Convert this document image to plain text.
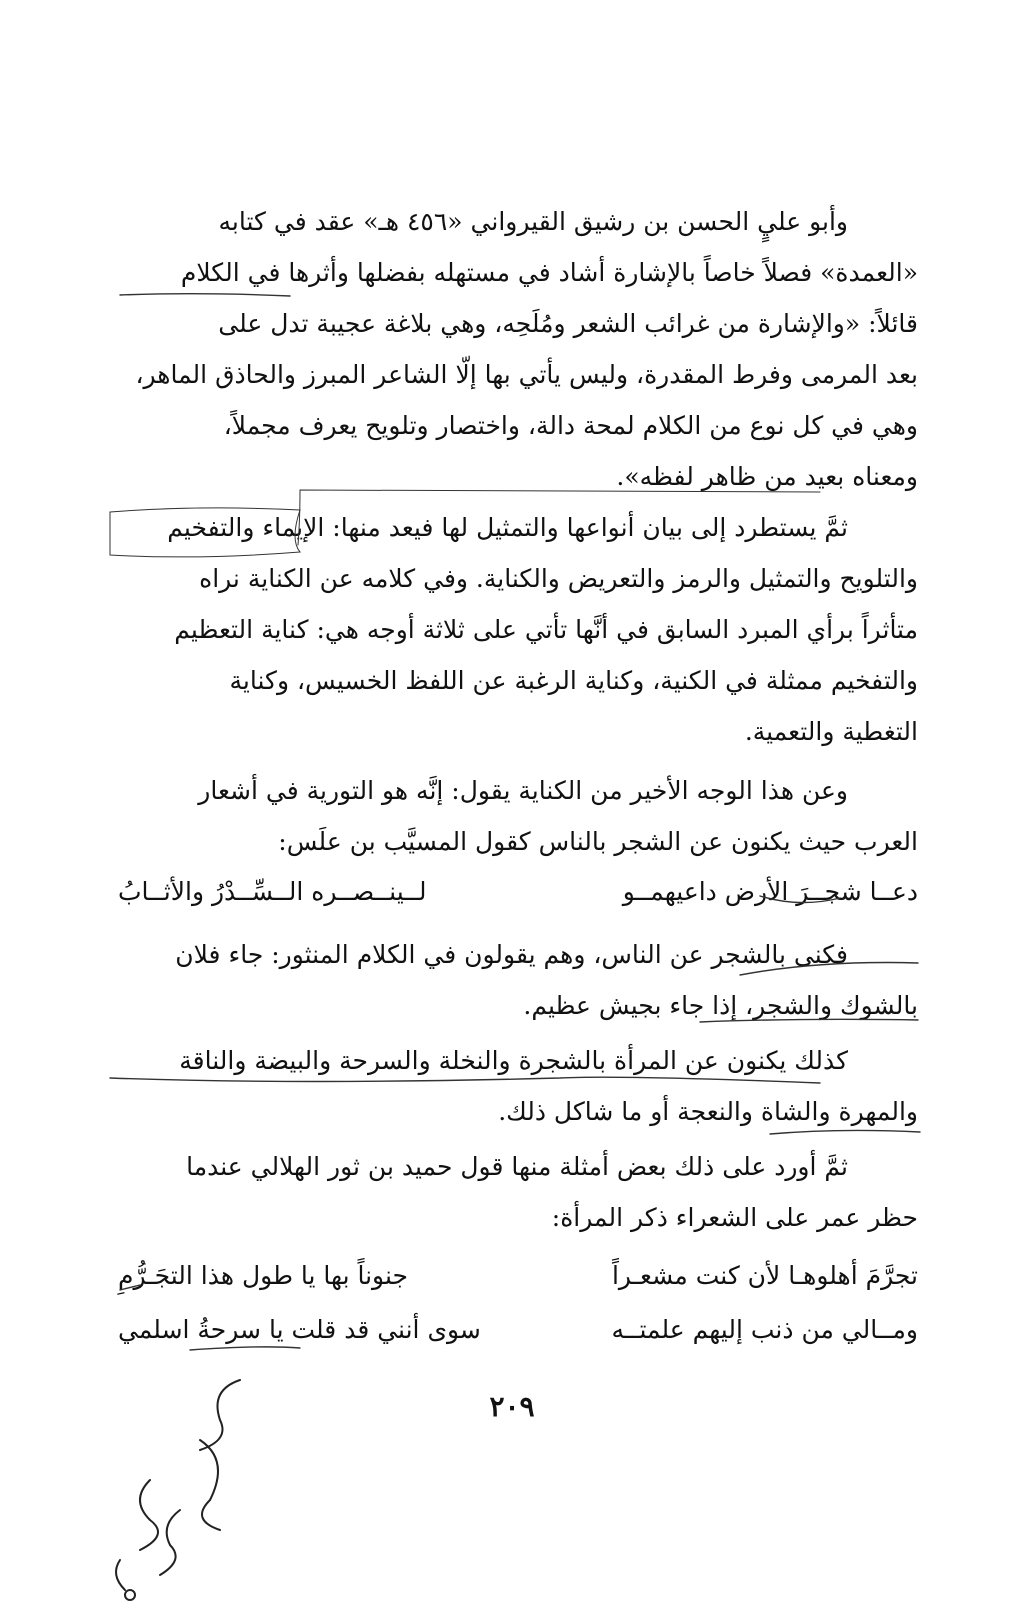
وأبو عليٍ الحسن بن رشيق القيرواني «٤٥٦ هـ» عقد في كتابه
«العمدة» فصلاً خاصاً بالإشارة أشاد في مستهله بفضلها وأثرها في الكلام
قائلاً: «والإشارة من غرائب الشعر ومُلَحِه، وهي بلاغة عجيبة تدل على
بعد المرمى وفرط المقدرة، وليس يأتي بها إلّا الشاعر المبرز والحاذق الماهر،
وهي في كل نوع من الكلام لمحة دالة، واختصار وتلويح يعرف مجملاً،
ومعناه بعيد من ظاهر لفظه».
ثمَّ يستطرد إلى بيان أنواعها والتمثيل لها فيعد منها: الإيماء والتفخيم
والتلويح والتمثيل والرمز والتعريض والكناية. وفي كلامه عن الكناية نراه
متأثراً برأي المبرد السابق في أنَّها تأتي على ثلاثة أوجه هي: كناية التعظيم
والتفخيم ممثلة في الكنية، وكناية الرغبة عن اللفظ الخسيس، وكناية
التغطية والتعمية.
وعن هذا الوجه الأخير من الكناية يقول: إنَّه هو التورية في أشعار
العرب حيث يكنون عن الشجر بالناس كقول المسيَّب بن علَس:
دعــا شجــرَ الأرض داعيهمــو
لــينــصــره الــسِّــدْرُ والأثــابُ
فكنى بالشجر عن الناس، وهم يقولون في الكلام المنثور: جاء فلان
بالشوك والشجر، إذا جاء بجيش عظيم.
كذلك يكنون عن المرأة بالشجرة والنخلة والسرحة والبيضة والناقة
والمهرة والشاة والنعجة أو ما شاكل ذلك.
ثمَّ أورد على ذلك بعض أمثلة منها قول حميد بن ثور الهلالي عندما
حظر عمر على الشعراء ذكر المرأة:
تجرَّمَ أهلوهـا لأن كنت مشعـراً
جنوناً بها يا طول هذا التجَـرُّمِ
ومــالي من ذنب إليهم علمتــه
سوى أنني قد قلت يا سرحةُ اسلمي
٢٠٩
